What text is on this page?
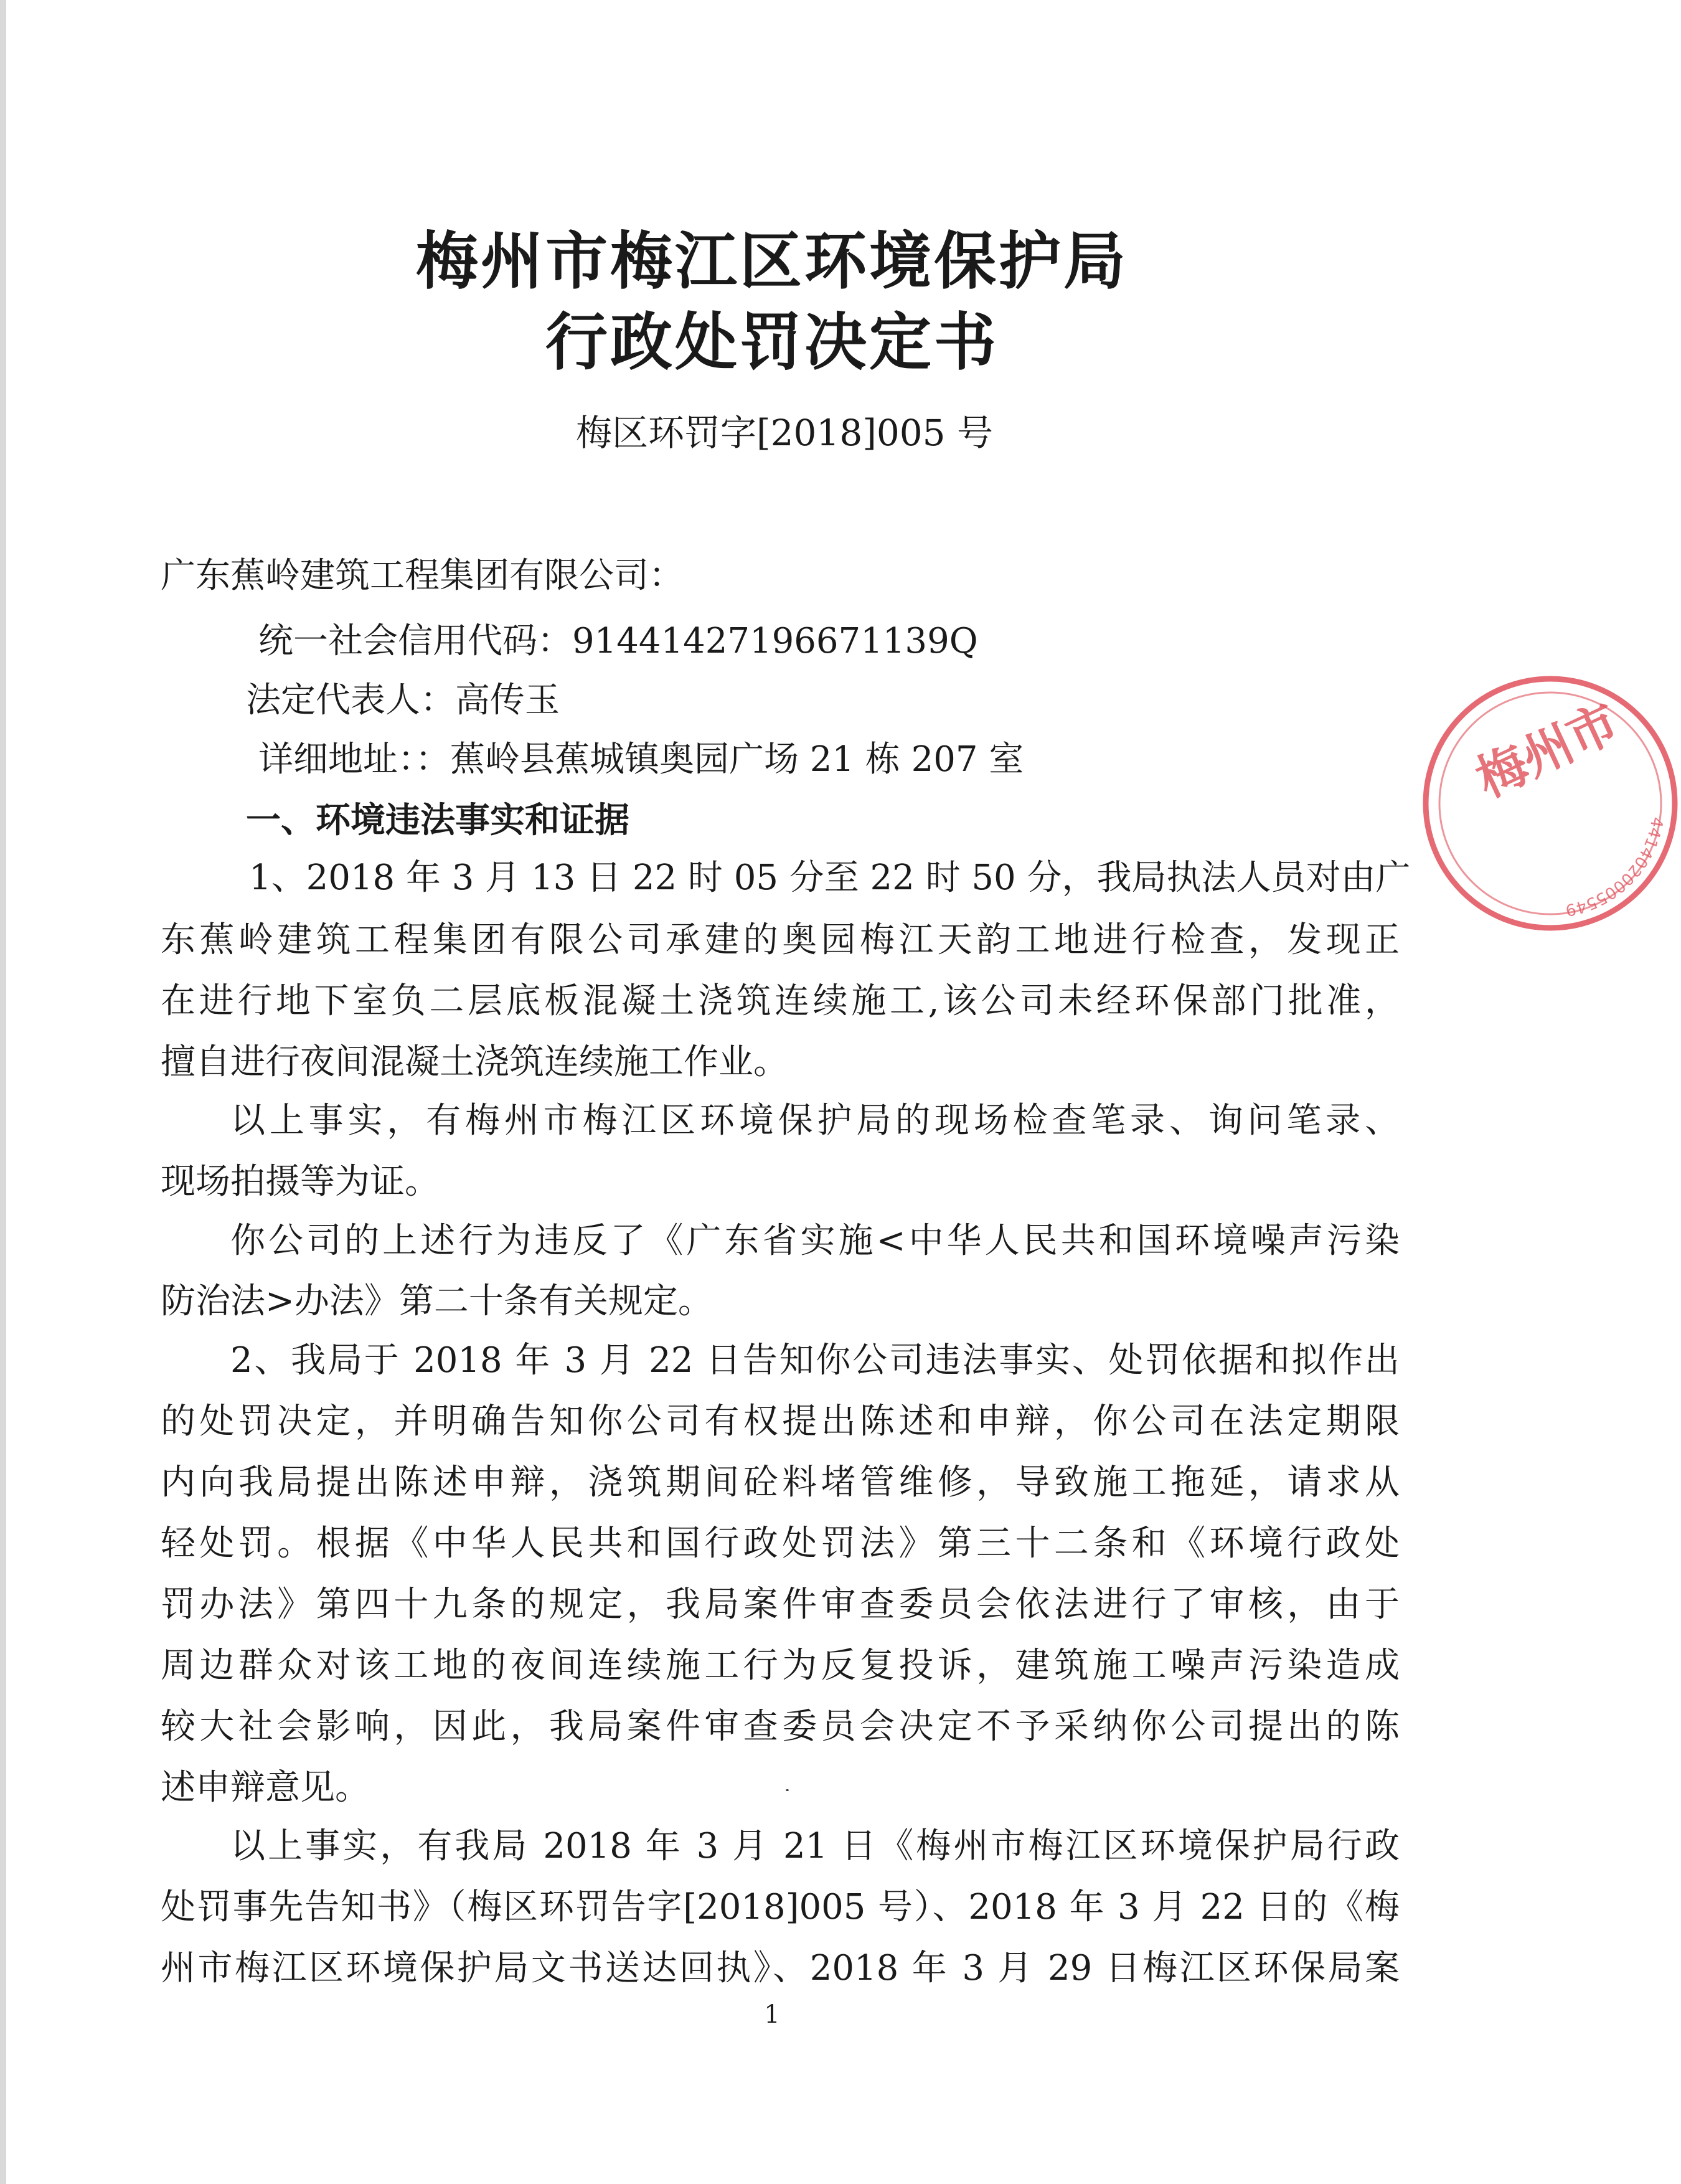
梅州市梅江区环境保护局
行政处罚决定书
梅区环罚字[2018]005 号
广东蕉岭建筑工程集团有限公司：
统一社会信用代码：91441427196671139Q
法定代表人：高传玉
详细地址：：蕉岭县蕉城镇奥园广场 21 栋 207 室
一、环境违法事实和证据
1、2018 年 3 月 13 日 22 时 05 分至 22 时 50 分，我局执法人员对由广
东蕉岭建筑工程集团有限公司承建的奥园梅江天韵工地进行检查，发现正
在进行地下室负二层底板混凝土浇筑连续施工,该公司未经环保部门批准，
擅自进行夜间混凝土浇筑连续施工作业。
以上事实，有梅州市梅江区环境保护局的现场检查笔录、询问笔录、
现场拍摄等为证。
你公司的上述行为违反了《广东省实施<中华人民共和国环境噪声污染
防治法>办法》第二十条有关规定。
2、我局于 2018 年 3 月 22 日告知你公司违法事实、处罚依据和拟作出
的处罚决定，并明确告知你公司有权提出陈述和申辩，你公司在法定期限
内向我局提出陈述申辩，浇筑期间砼料堵管维修，导致施工拖延，请求从
轻处罚。根据《中华人民共和国行政处罚法》第三十二条和《环境行政处
罚办法》第四十九条的规定，我局案件审查委员会依法进行了审核，由于
周边群众对该工地的夜间连续施工行为反复投诉，建筑施工噪声污染造成
较大社会影响，因此，我局案件审查委员会决定不予采纳你公司提出的陈
述申辩意见。
以上事实，有我局 2018 年 3 月 21 日《梅州市梅江区环境保护局行政
处罚事先告知书》（梅区环罚告字[2018]005 号）、2018 年 3 月 22 日的《梅
州市梅江区环境保护局文书送达回执》、2018 年 3 月 29 日梅江区环保局案
1
梅州市
4414020005549
